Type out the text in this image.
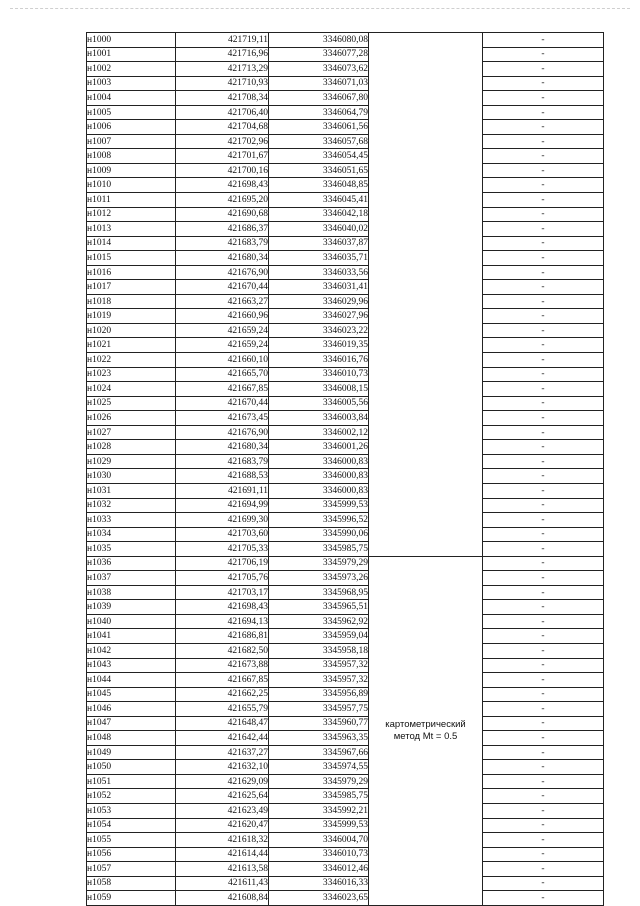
н1000	421719,11	3346080,08		-
н1001	421716,96	3346077,28		-
н1002	421713,29	3346073,62		-
н1003	421710,93	3346071,03		-
н1004	421708,34	3346067,80		-
н1005	421706,40	3346064,79		-
н1006	421704,68	3346061,56		-
н1007	421702,96	3346057,68		-
н1008	421701,67	3346054,45		-
н1009	421700,16	3346051,65		-
н1010	421698,43	3346048,85		-
н1011	421695,20	3346045,41		-
н1012	421690,68	3346042,18		-
н1013	421686,37	3346040,02		-
н1014	421683,79	3346037,87		-
н1015	421680,34	3346035,71		-
н1016	421676,90	3346033,56		-
н1017	421670,44	3346031,41		-
н1018	421663,27	3346029,96		-
н1019	421660,96	3346027,96		-
н1020	421659,24	3346023,22		-
н1021	421659,24	3346019,35		-
н1022	421660,10	3346016,76		-
н1023	421665,70	3346010,73		-
н1024	421667,85	3346008,15		-
н1025	421670,44	3346005,56		-
н1026	421673,45	3346003,84		-
н1027	421676,90	3346002,12		-
н1028	421680,34	3346001,26		-
н1029	421683,79	3346000,83		-
н1030	421688,53	3346000,83		-
н1031	421691,11	3346000,83		-
н1032	421694,99	3345999,53		-
н1033	421699,30	3345996,52		-
н1034	421703,60	3345990,06		-
н1035	421705,33	3345985,75		-
н1036	421706,19	3345979,29	картометрический
метод Mt = 0.5	-
н1037	421705,76	3345973,26		-
н1038	421703,17	3345968,95		-
н1039	421698,43	3345965,51		-
н1040	421694,13	3345962,92		-
н1041	421686,81	3345959,04		-
н1042	421682,50	3345958,18		-
н1043	421673,88	3345957,32		-
н1044	421667,85	3345957,32		-
н1045	421662,25	3345956,89		-
н1046	421655,79	3345957,75		-
н1047	421648,47	3345960,77		-
н1048	421642,44	3345963,35		-
н1049	421637,27	3345967,66		-
н1050	421632,10	3345974,55		-
н1051	421629,09	3345979,29		-
н1052	421625,64	3345985,75		-
н1053	421623,49	3345992,21		-
н1054	421620,47	3345999,53		-
н1055	421618,32	3346004,70		-
н1056	421614,44	3346010,73		-
н1057	421613,58	3346012,46		-
н1058	421611,43	3346016,33		-
н1059	421608,84	3346023,65		-
